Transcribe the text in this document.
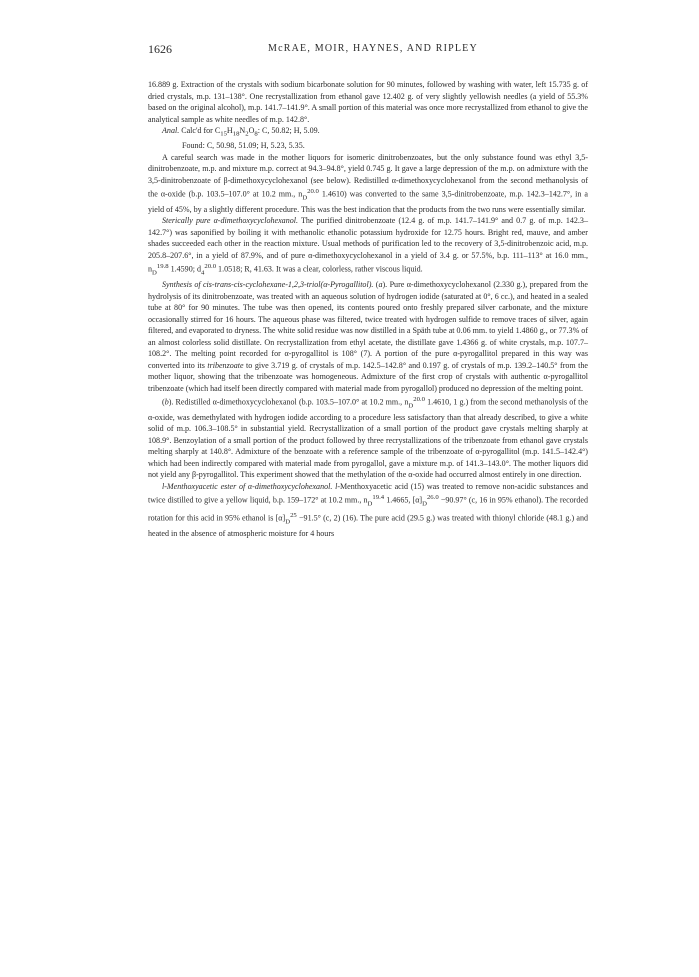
1626	McRAE, MOIR, HAYNES, AND RIPLEY

16.889 g. Extraction of the crystals with sodium bicarbonate solution for 90 minutes, followed by washing with water, left 15.735 g. of dried crystals, m.p. 131–138°. One recrystallization from ethanol gave 12.402 g. of very slightly yellowish needles (a yield of 55.3% based on the original alcohol), m.p. 141.7–141.9°. A small portion of this material was once more recrystallized from ethanol to give the analytical sample as white needles of m.p. 142.8°.

Anal. Calc'd for $C_{15}H_{18}N_2O_8$: C, 50.82; H, 5.09.

Found: C, 50.98, 51.09; H, 5.23, 5.35.

A careful search was made in the mother liquors for isomeric dinitrobenzoates, but the only substance found was ethyl 3,5-dinitrobenzoate, m.p. and mixture m.p. correct at 94.3–94.8°, yield 0.745 g. It gave a large depression of the m.p. on admixture with the 3,5-dinitrobenzoate of β-dimethoxycyclohexanol (see below). Redistilled α-dimethoxycyclohexanol from the second methanolysis of the α-oxide (b.p. 103.5–107.0° at 10.2 mm., $n_D^{20.0}$ 1.4610) was converted to the same 3,5-dinitrobenzoate, m.p. 142.3–142.7°, in a yield of 45%, by a slightly different procedure. This was the best indication that the products from the two runs were essentially similar.

Sterically pure α-dimethoxycyclohexanol. The purified dinitrobenzoate (12.4 g. of m.p. 141.7–141.9° and 0.7 g. of m.p. 142.3–142.7°) was saponified by boiling it with methanolic ethanolic potassium hydroxide for 12.75 hours. Bright red, mauve, and amber shades succeeded each other in the reaction mixture. Usual methods of purification led to the recovery of 3,5-dinitrobenzoic acid, m.p. 205.8–207.6°, in a yield of 87.9%, and of pure α-dimethoxycyclohexanol in a yield of 3.4 g. or 57.5%, b.p. 111–113° at 16.0 mm., $n_D^{19.8}$ 1.4590; $d_4^{20.0}$ 1.0518; R, 41.63. It was a clear, colorless, rather viscous liquid.

Synthesis of cis-trans-cis-cyclohexane-1,2,3-triol(α-Pyrogallitol). (a). Pure α-dimethoxycyclohexanol (2.330 g.), prepared from the hydrolysis of its dinitrobenzoate, was treated with an aqueous solution of hydrogen iodide (saturated at 0°, 6 cc.), and heated in a sealed tube at 80° for 90 minutes. The tube was then opened, its contents poured onto freshly prepared silver carbonate, and the mixture occasionally stirred for 16 hours. The aqueous phase was filtered, twice treated with hydrogen sulfide to remove traces of silver, again filtered, and evaporated to dryness. The white solid residue was now distilled in a Späth tube at 0.06 mm. to yield 1.4860 g., or 77.3% of an almost colorless solid distillate. On recrystallization from ethyl acetate, the distillate gave 1.4366 g. of white crystals, m.p. 107.7–108.2°. The melting point recorded for α-pyrogallitol is 108° (7). A portion of the pure α-pyrogallitol prepared in this way was converted into its tribenzoate to give 3.719 g. of crystals of m.p. 142.5–142.8° and 0.197 g. of crystals of m.p. 139.2–140.5° from the mother liquor, showing that the tribenzoate was homogeneous. Admixture of the first crop of crystals with authentic α-pyrogallitol tribenzoate (which had itself been directly compared with material made from pyrogallol) produced no depression of the melting point.

(b). Redistilled α-dimethoxycyclohexanol (b.p. 103.5–107.0° at 10.2 mm., $n_D^{20.0}$ 1.4610, 1 g.) from the second methanolysis of the α-oxide, was demethylated with hydrogen iodide according to a procedure less satisfactory than that already described, to give a white solid of m.p. 106.3–108.5° in substantial yield. Recrystallization of a small portion of the product gave crystals melting sharply at 108.9°. Benzoylation of a small portion of the product followed by three recrystallizations of the tribenzoate from ethanol gave crystals melting sharply at 140.8°. Admixture of the benzoate with a reference sample of the tribenzoate of α-pyrogallitol (m.p. 141.5–142.4°) which had been indirectly compared with material made from pyrogallol, gave a mixture m.p. of 141.3–143.0°. The mother liquors did not yield any β-pyrogallitol. This experiment showed that the methylation of the α-oxide had occurred almost entirely in one direction.

l-Menthoxyacetic ester of α-dimethoxycyclohexanol. l-Menthoxyacetic acid (15) was treated to remove non-acidic substances and twice distilled to give a yellow liquid, b.p. 159–172° at 10.2 mm., $n_D^{19.4}$ 1.4665, $[\alpha]_D^{26.0} -90.97^\circ$ (c, 16 in 95% ethanol). The recorded rotation for this acid in 95% ethanol is $[\alpha]_D^{25} -91.5^\circ$ (c, 2) (16). The pure acid (29.5 g.) was treated with thionyl chloride (48.1 g.) and heated in the absence of atmospheric moisture for 4 hours
